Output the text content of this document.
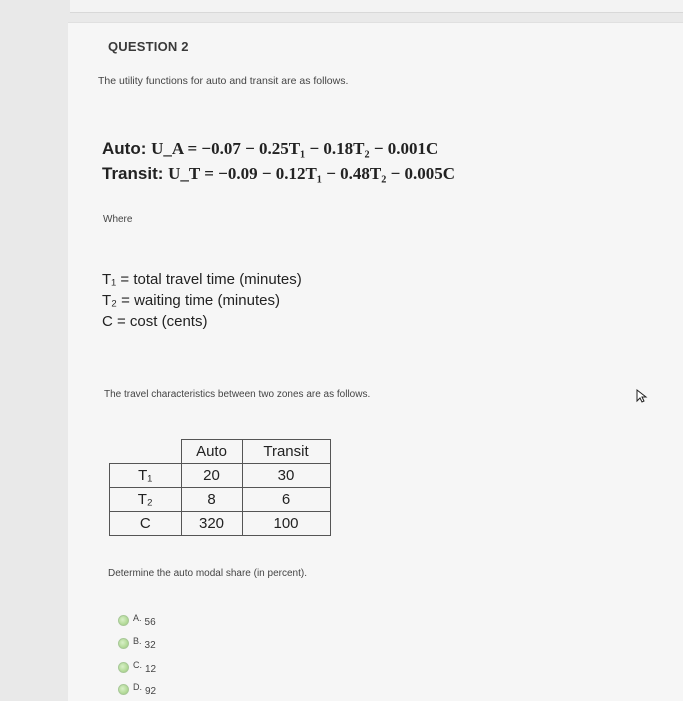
QUESTION 2
The utility functions for auto and transit are as follows.
Auto: U_A = −0.07 − 0.25T₁ − 0.18T₂ − 0.001C
Transit: U_T = −0.09 − 0.12T₁ − 0.48T₂ − 0.005C
Where
T₁ = total travel time (minutes)
T₂ = waiting time (minutes)
C = cost (cents)
The travel characteristics between two zones are as follows.
	Auto	Transit
T₁	20	30
T₂	8	6
C	320	100
Determine the auto modal share (in percent).
A. 56
B. 32
C. 12
D. 92
